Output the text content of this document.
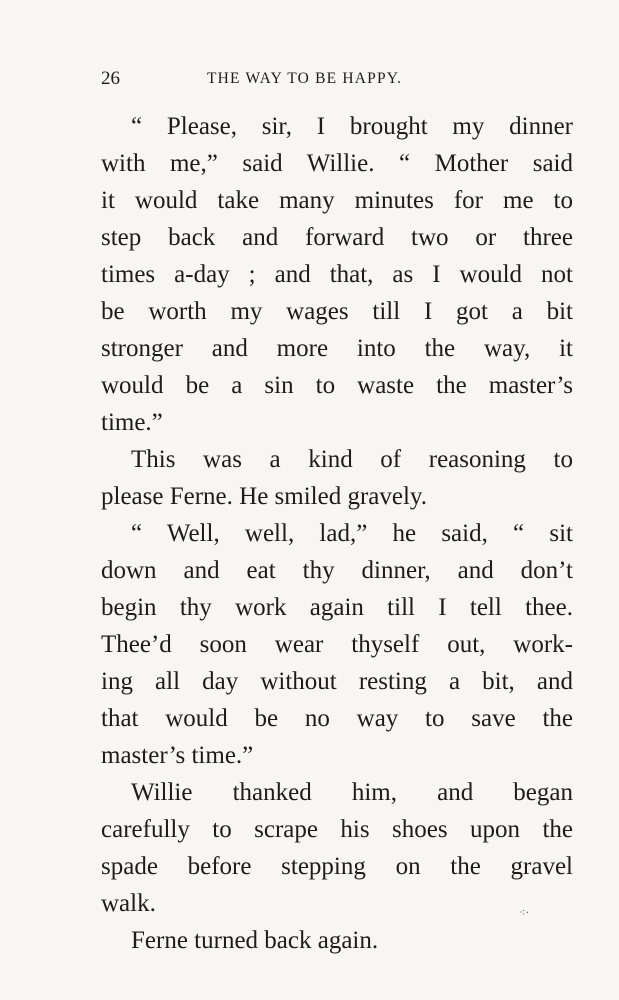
26	THE WAY TO BE HAPPY.
“ Please, sir, I brought my dinner
with me,” said Willie. “ Mother said
it would take many minutes for me to
step back and forward two or three
times a-day ; and that, as I would not
be worth my wages till I got a bit
stronger and more into the way, it
would be a sin to waste the master’s
time.”
This was a kind of reasoning to
please Ferne. He smiled gravely.
“ Well, well, lad,” he said, “ sit
down and eat thy dinner, and don’t
begin thy work again till I tell thee.
Thee’d soon wear thyself out, work-
ing all day without resting a bit, and
that would be no way to save the
master’s time.”
Willie thanked him, and began
carefully to scrape his shoes upon the
spade before stepping on the gravel
walk.
Ferne turned back again.
⁖·
